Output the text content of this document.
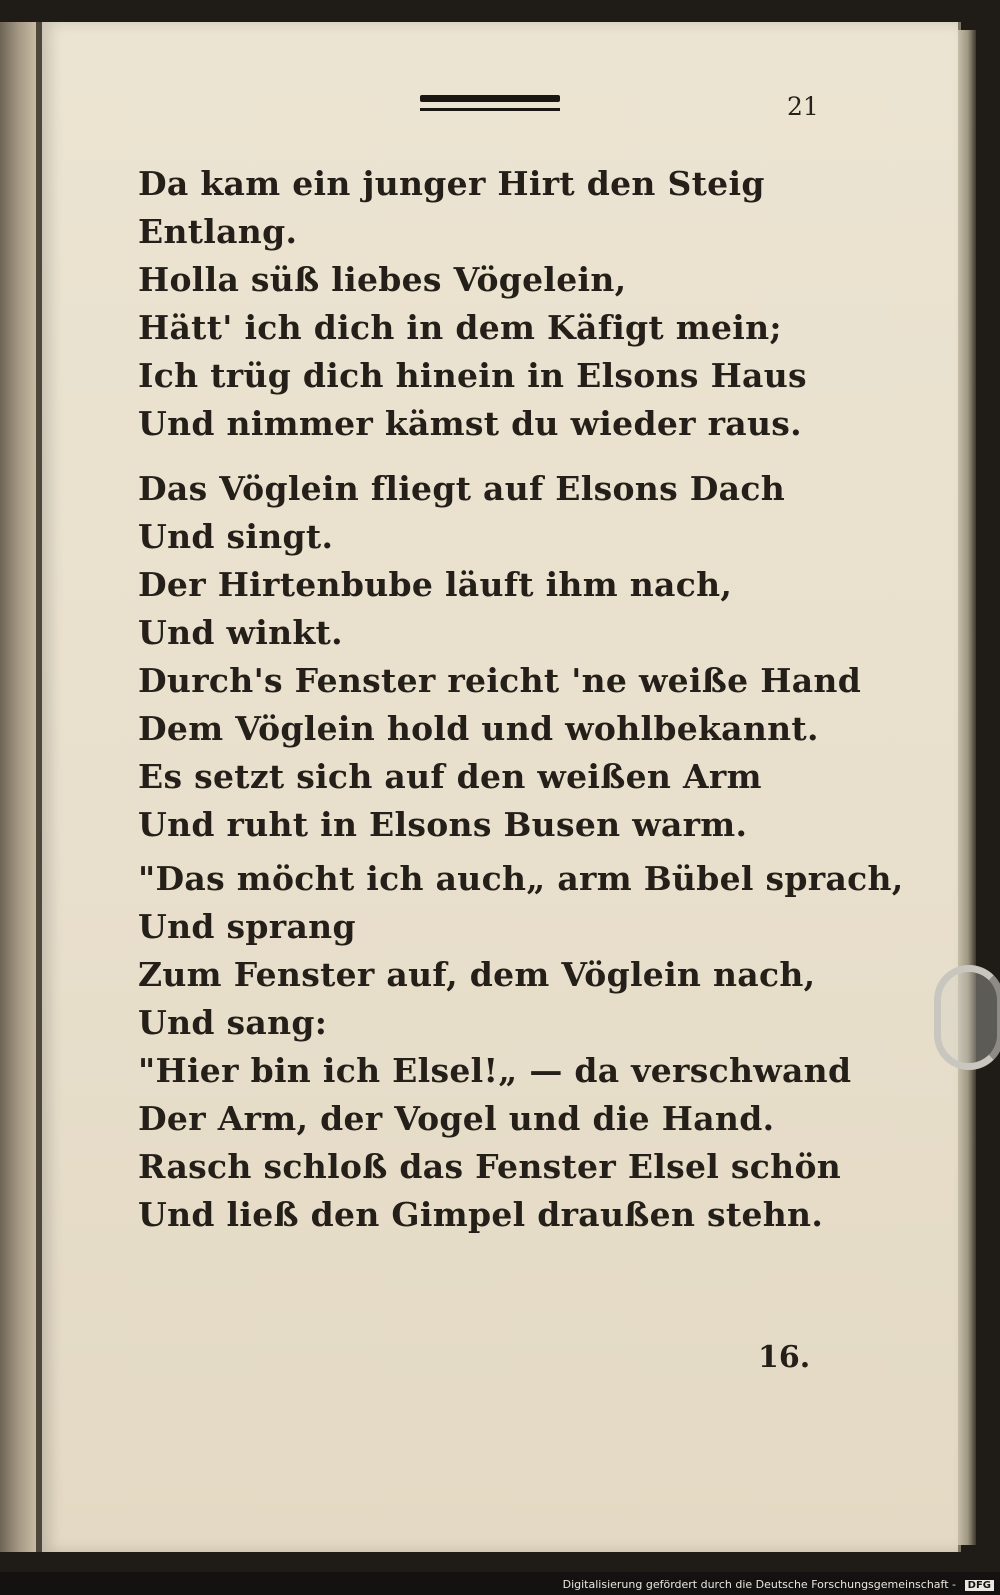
21
Da kam ein junger Hirt den Steig
Entlang.
Holla süß liebes Vögelein,
Hätt' ich dich in dem Käfigt mein;
Ich trüg dich hinein in Elsons Haus
Und nimmer kämst du wieder raus.
Das Vöglein fliegt auf Elsons Dach
Und singt.
Der Hirtenbube läuft ihm nach,
Und winkt.
Durch's Fenster reicht 'ne weiße Hand
Dem Vöglein hold und wohlbekannt.
Es setzt sich auf den weißen Arm
Und ruht in Elsons Busen warm.
"Das möcht ich auch„ arm Bübel sprach,
Und sprang
Zum Fenster auf, dem Vöglein nach,
Und sang:
"Hier bin ich Elsel!„ — da verschwand
Der Arm, der Vogel und die Hand.
Rasch schloß das Fenster Elsel schön
Und ließ den Gimpel draußen stehn.
16.
Digitalisierung gefördert durch die Deutsche Forschungsgemeinschaft -	DFG
